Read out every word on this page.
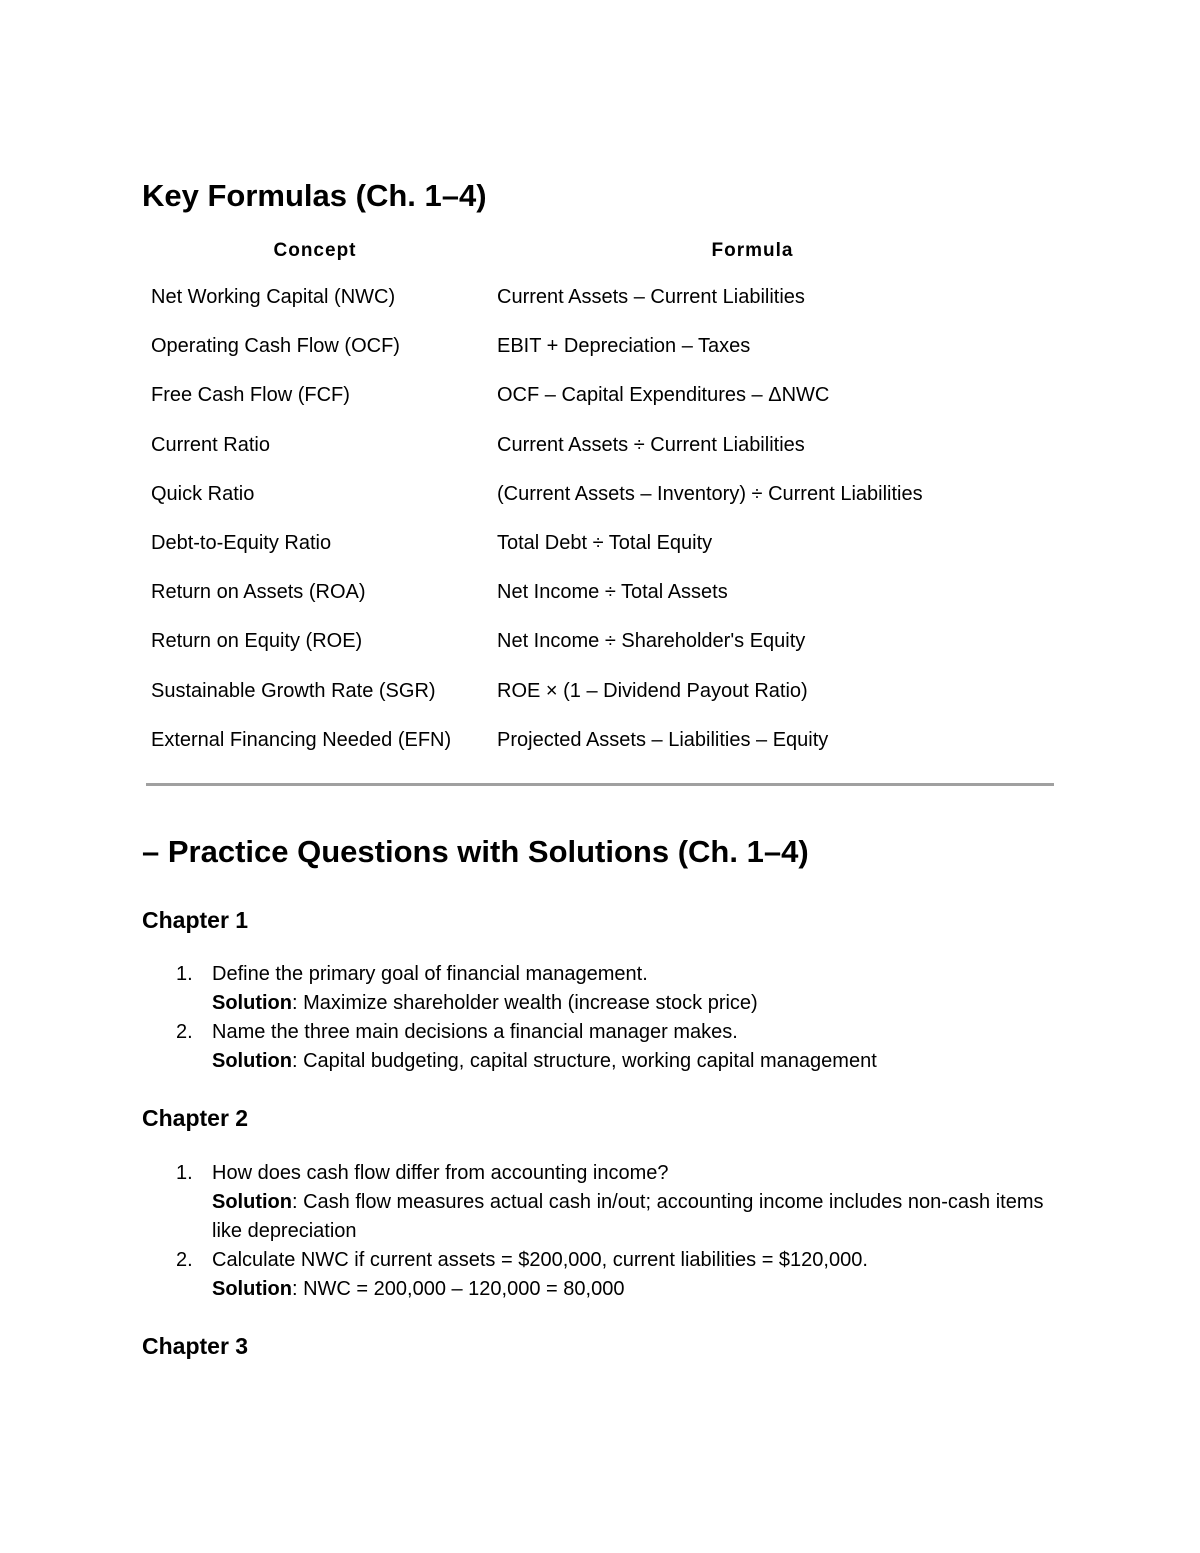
Key Formulas (Ch. 1–4)
Concept	Formula
Net Working Capital (NWC)	Current Assets – Current Liabilities
Operating Cash Flow (OCF)	EBIT + Depreciation – Taxes
Free Cash Flow (FCF)	OCF – Capital Expenditures – ΔNWC
Current Ratio	Current Assets ÷ Current Liabilities
Quick Ratio	(Current Assets – Inventory) ÷ Current Liabilities
Debt-to-Equity Ratio	Total Debt ÷ Total Equity
Return on Assets (ROA)	Net Income ÷ Total Assets
Return on Equity (ROE)	Net Income ÷ Shareholder's Equity
Sustainable Growth Rate (SGR)	ROE × (1 – Dividend Payout Ratio)
External Financing Needed (EFN)	Projected Assets – Liabilities – Equity
– Practice Questions with Solutions (Ch. 1–4)
Chapter 1
1. Define the primary goal of financial management.
Solution: Maximize shareholder wealth (increase stock price)
2. Name the three main decisions a financial manager makes.
Solution: Capital budgeting, capital structure, working capital management
Chapter 2
1. How does cash flow differ from accounting income?
Solution: Cash flow measures actual cash in/out; accounting income includes non-cash items like depreciation
2. Calculate NWC if current assets = $200,000, current liabilities = $120,000.
Solution: NWC = 200,000 – 120,000 = 80,000
Chapter 3
